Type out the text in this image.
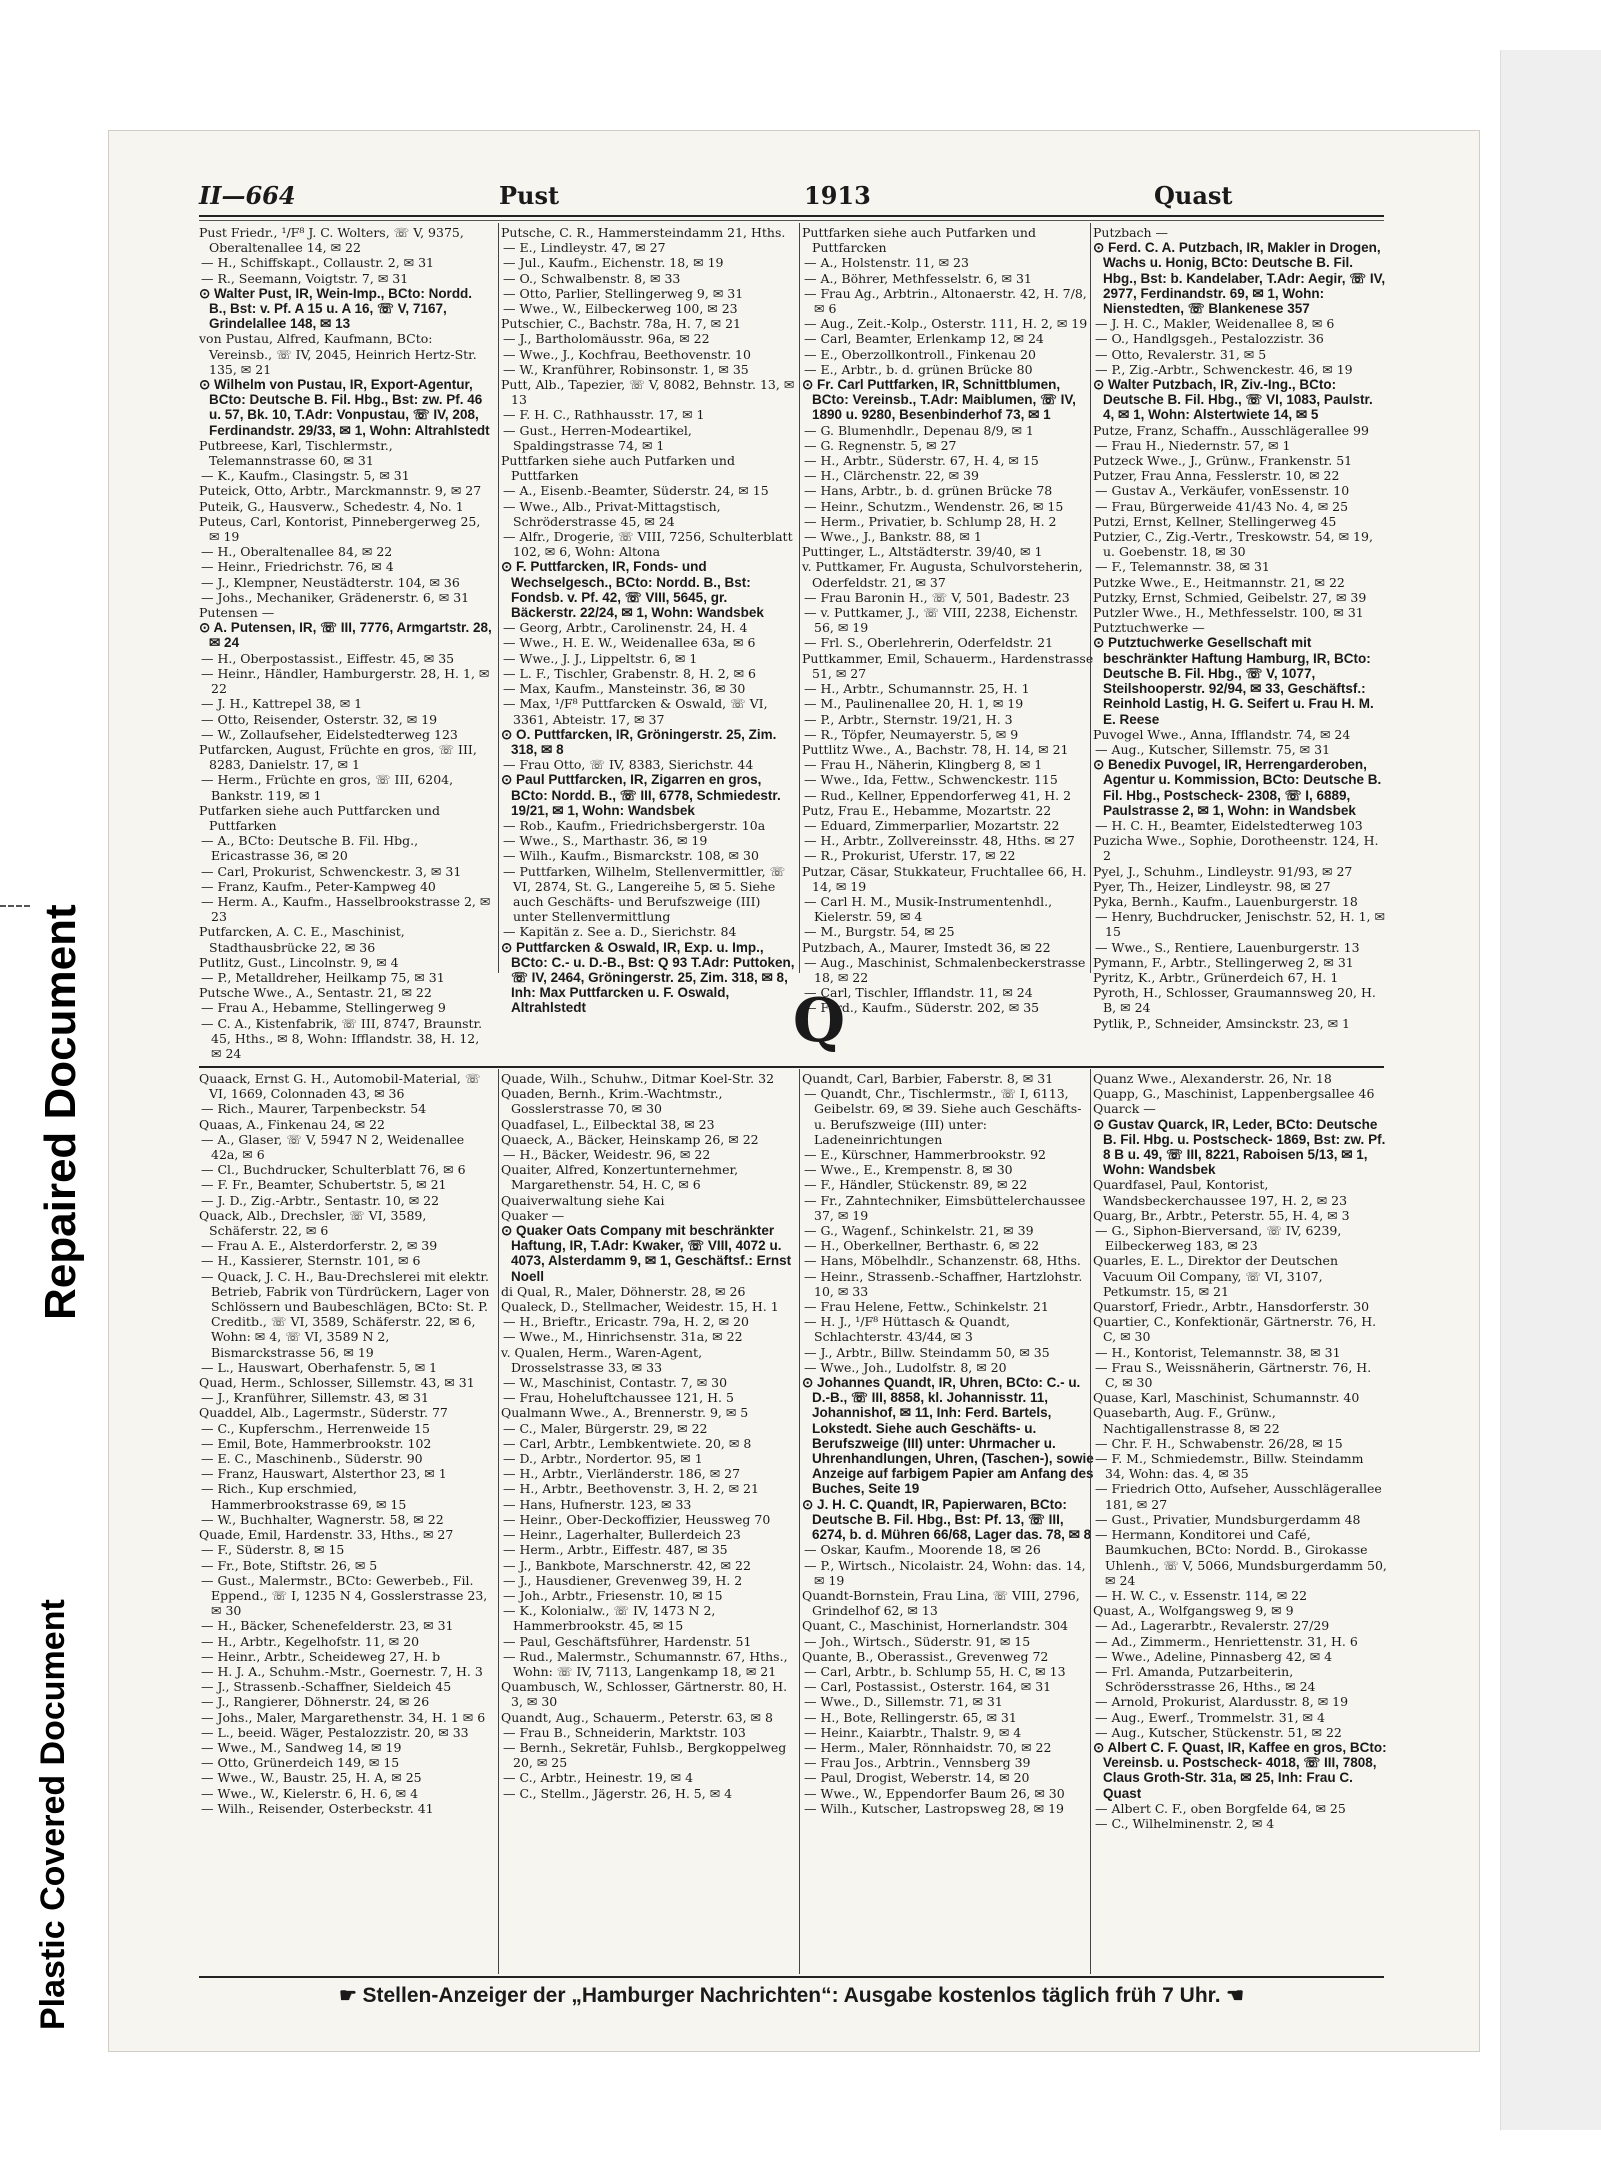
Repaired Document
Plastic Covered Document
II—664	Pust	1913	Quast

Pust Friedr., ¹/F⁸ J. C. Wolters, ☏ V, 9375, Oberaltenallee 14, ✉ 22

— H., Schiffskapt., Collaustr. 2, ✉ 31

— R., Seemann, Voigtstr. 7, ✉ 31

⊙ Walter Pust, IR, Wein-Imp., BCto: Nordd. B., Bst: v. Pf. A 15 u. A 16, ☏ V, 7167, Grindelallee 148, ✉ 13

von Pustau, Alfred, Kaufmann, BCto: Vereinsb., ☏ IV, 2045, Heinrich Hertz-Str. 135, ✉ 21

⊙ Wilhelm von Pustau, IR, Export-Agentur, BCto: Deutsche B. Fil. Hbg., Bst: zw. Pf. 46 u. 57, Bk. 10, T.Adr: Vonpustau, ☏ IV, 208, Ferdinandstr. 29/33, ✉ 1, Wohn: Altrahlstedt

Putbreese, Karl, Tischlermstr., Telemannstrasse 60, ✉ 31

— K., Kaufm., Clasingstr. 5, ✉ 31

Puteick, Otto, Arbtr., Marckmannstr. 9, ✉ 27

Puteik, G., Hausverw., Schedestr. 4, No. 1

Puteus, Carl, Kontorist, Pinnebergerweg 25, ✉ 19

— H., Oberaltenallee 84, ✉ 22

— Heinr., Friedrichstr. 76, ✉ 4

— J., Klempner, Neustädterstr. 104, ✉ 36

— Johs., Mechaniker, Grädenerstr. 6, ✉ 31

Putensen —

⊙ A. Putensen, IR, ☏ III, 7776, Armgartstr. 28, ✉ 24

— H., Oberpostassist., Eiffestr. 45, ✉ 35

— Heinr., Händler, Hamburgerstr. 28, H. 1, ✉ 22

— J. H., Kattrepel 38, ✉ 1

— Otto, Reisender, Osterstr. 32, ✉ 19

— W., Zollaufseher, Eidelstedterweg 123

Putfarcken, August, Früchte en gros, ☏ III, 8283, Danielstr. 17, ✉ 1

— Herm., Früchte en gros, ☏ III, 6204, Bankstr. 119, ✉ 1

Putfarken siehe auch Puttfarcken und Puttfarken

— A., BCto: Deutsche B. Fil. Hbg., Ericastrasse 36, ✉ 20

— Carl, Prokurist, Schwenckestr. 3, ✉ 31

— Franz, Kaufm., Peter-Kampweg 40

— Herm. A., Kaufm., Hasselbrookstrasse 2, ✉ 23

Putfarcken, A. C. E., Maschinist, Stadthausbrücke 22, ✉ 36

Putlitz, Gust., Lincolnstr. 9, ✉ 4

— P., Metalldreher, Heilkamp 75, ✉ 31

Putsche Wwe., A., Sentastr. 21, ✉ 22

— Frau A., Hebamme, Stellingerweg 9

— C. A., Kistenfabrik, ☏ III, 8747, Braunstr. 45, Hths., ✉ 8, Wohn: Ifflandstr. 38, H. 12, ✉ 24

Putsche, C. R., Hammersteindamm 21, Hths.

— E., Lindleystr. 47, ✉ 27

— Jul., Kaufm., Eichenstr. 18, ✉ 19

— O., Schwalbenstr. 8, ✉ 33

— Otto, Parlier, Stellingerweg 9, ✉ 31

— Wwe., W., Eilbeckerweg 100, ✉ 23

Putschier, C., Bachstr. 78a, H. 7, ✉ 21

— J., Bartholomäusstr. 96a, ✉ 22

— Wwe., J., Kochfrau, Beethovenstr. 10

— W., Kranführer, Robinsonstr. 1, ✉ 35

Putt, Alb., Tapezier, ☏ V, 8082, Behnstr. 13, ✉ 13

— F. H. C., Rathhausstr. 17, ✉ 1

— Gust., Herren-Modeartikel, Spaldingstrasse 74, ✉ 1

Puttfarken siehe auch Putfarken und Puttfarken

— A., Eisenb.-Beamter, Süderstr. 24, ✉ 15

— Wwe., Alb., Privat-Mittagstisch, Schröderstrasse 45, ✉ 24

— Alfr., Drogerie, ☏ VIII, 7256, Schulterblatt 102, ✉ 6, Wohn: Altona

⊙ F. Puttfarcken, IR, Fonds- und Wechselgesch., BCto: Nordd. B., Bst: Fondsb. v. Pf. 42, ☏ VIII, 5645, gr. Bäckerstr. 22/24, ✉ 1, Wohn: Wandsbek

— Georg, Arbtr., Carolinenstr. 24, H. 4

— Wwe., H. E. W., Weidenallee 63a, ✉ 6

— Wwe., J. J., Lippeltstr. 6, ✉ 1

— L. F., Tischler, Grabenstr. 8, H. 2, ✉ 6

— Max, Kaufm., Mansteinstr. 36, ✉ 30

— Max, ¹/F⁸ Puttfarcken & Oswald, ☏ VI, 3361, Abteistr. 17, ✉ 37

⊙ O. Puttfarcken, IR, Gröningerstr. 25, Zim. 318, ✉ 8

— Frau Otto, ☏ IV, 8383, Sierichstr. 44

⊙ Paul Puttfarcken, IR, Zigarren en gros, BCto: Nordd. B., ☏ III, 6778, Schmiedestr. 19/21, ✉ 1, Wohn: Wandsbek

— Rob., Kaufm., Friedrichsbergerstr. 10a

— Wwe., S., Marthastr. 36, ✉ 19

— Wilh., Kaufm., Bismarckstr. 108, ✉ 30

— Puttfarken, Wilhelm, Stellenvermittler, ☏ VI, 2874, St. G., Langereihe 5, ✉ 5. Siehe auch Geschäfts- und Berufszweige (III) unter Stellenvermittlung

— Kapitän z. See a. D., Sierichstr. 84

⊙ Puttfarcken & Oswald, IR, Exp. u. Imp., BCto: C.- u. D.-B., Bst: Q 93 T.Adr: Puttoken, ☏ IV, 2464, Gröningerstr. 25, Zim. 318, ✉ 8, Inh: Max Puttfarcken u. F. Oswald, Altrahlstedt

Puttfarken siehe auch Putfarken und Puttfarcken

— A., Holstenstr. 11, ✉ 23

— A., Böhrer, Methfesselstr. 6, ✉ 31

— Frau Ag., Arbtrin., Altonaerstr. 42, H. 7/8, ✉ 6

— Aug., Zeit.-Kolp., Osterstr. 111, H. 2, ✉ 19

— Carl, Beamter, Erlenkamp 12, ✉ 24

— E., Oberzollkontroll., Finkenau 20

— E., Arbtr., b. d. grünen Brücke 80

⊙ Fr. Carl Puttfarken, IR, Schnittblumen, BCto: Vereinsb., T.Adr: Maiblumen, ☏ IV, 1890 u. 9280, Besenbinderhof 73, ✉ 1

— G. Blumenhdlr., Depenau 8/9, ✉ 1

— G. Regnenstr. 5, ✉ 27

— H., Arbtr., Süderstr. 67, H. 4, ✉ 15

— H., Clärchenstr. 22, ✉ 39

— Hans, Arbtr., b. d. grünen Brücke 78

— Heinr., Schutzm., Wendenstr. 26, ✉ 15

— Herm., Privatier, b. Schlump 28, H. 2

— Wwe., J., Bankstr. 88, ✉ 1

Puttinger, L., Altstädterstr. 39/40, ✉ 1

v. Puttkamer, Fr. Augusta, Schulvorsteherin, Oderfeldstr. 21, ✉ 37

— Frau Baronin H., ☏ V, 501, Badestr. 23

— v. Puttkamer, J., ☏ VIII, 2238, Eichenstr. 56, ✉ 19

— Frl. S., Oberlehrerin, Oderfeldstr. 21

Puttkammer, Emil, Schauerm., Hardenstrasse 51, ✉ 27

— H., Arbtr., Schumannstr. 25, H. 1

— M., Paulinenallee 20, H. 1, ✉ 19

— P., Arbtr., Sternstr. 19/21, H. 3

— R., Töpfer, Neumayerstr. 5, ✉ 9

Puttlitz Wwe., A., Bachstr. 78, H. 14, ✉ 21

— Frau H., Näherin, Klingberg 8, ✉ 1

— Wwe., Ida, Fettw., Schwenckestr. 115

— Rud., Kellner, Eppendorferweg 41, H. 2

Putz, Frau E., Hebamme, Mozartstr. 22

— Eduard, Zimmerparlier, Mozartstr. 22

— H., Arbtr., Zollvereinsstr. 48, Hths. ✉ 27

— R., Prokurist, Uferstr. 17, ✉ 22

Putzar, Cäsar, Stukkateur, Fruchtallee 66, H. 14, ✉ 19

— Carl H. M., Musik-Instrumentenhdl., Kielerstr. 59, ✉ 4

— M., Burgstr. 54, ✉ 25

Putzbach, A., Maurer, Imstedt 36, ✉ 22

— Aug., Maschinist, Schmalenbeckerstrasse 18, ✉ 22

— Carl, Tischler, Ifflandstr. 11, ✉ 24

— Ferd., Kaufm., Süderstr. 202, ✉ 35

Putzbach —

⊙ Ferd. C. A. Putzbach, IR, Makler in Drogen, Wachs u. Honig, BCto: Deutsche B. Fil. Hbg., Bst: b. Kandelaber, T.Adr: Aegir, ☏ IV, 2977, Ferdinandstr. 69, ✉ 1, Wohn: Nienstedten, ☏ Blankenese 357

— J. H. C., Makler, Weidenallee 8, ✉ 6

— O., Handlgsgeh., Pestalozzistr. 36

— Otto, Revalerstr. 31, ✉ 5

— P., Zig.-Arbtr., Schwenckestr. 46, ✉ 19

⊙ Walter Putzbach, IR, Ziv.-Ing., BCto: Deutsche B. Fil. Hbg., ☏ VI, 1083, Paulstr. 4, ✉ 1, Wohn: Alstertwiete 14, ✉ 5

Putze, Franz, Schaffn., Ausschlägerallee 99

— Frau H., Niedernstr. 57, ✉ 1

Putzeck Wwe., J., Grünw., Frankenstr. 51

Putzer, Frau Anna, Fesslerstr. 10, ✉ 22

— Gustav A., Verkäufer, vonEssenstr. 10

— Frau, Bürgerweide 41/43 No. 4, ✉ 25

Putzi, Ernst, Kellner, Stellingerweg 45

Putzier, C., Zig.-Vertr., Treskowstr. 54, ✉ 19, u. Goebenstr. 18, ✉ 30

— F., Telemannstr. 38, ✉ 31

Putzke Wwe., E., Heitmannstr. 21, ✉ 22

Putzky, Ernst, Schmied, Geibelstr. 27, ✉ 39

Putzler Wwe., H., Methfesselstr. 100, ✉ 31

Putztuchwerke —

⊙ Putztuchwerke Gesellschaft mit beschränkter Haftung Hamburg, IR, BCto: Deutsche B. Fil. Hbg., ☏ V, 1077, Steilshooperstr. 92/94, ✉ 33, Geschäftsf.: Reinhold Lastig, H. G. Seifert u. Frau H. M. E. Reese

Puvogel Wwe., Anna, Ifflandstr. 74, ✉ 24

— Aug., Kutscher, Sillemstr. 75, ✉ 31

⊙ Benedix Puvogel, IR, Herrengarderoben, Agentur u. Kommission, BCto: Deutsche B. Fil. Hbg., Postscheck- 2308, ☏ I, 6889, Paulstrasse 2, ✉ 1, Wohn: in Wandsbek

— H. C. H., Beamter, Eidelstedterweg 103

Puzicha Wwe., Sophie, Dorotheenstr. 124, H. 2

Pyel, J., Schuhm., Lindleystr. 91/93, ✉ 27

Pyer, Th., Heizer, Lindleystr. 98, ✉ 27

Pyka, Bernh., Kaufm., Lauenburgerstr. 18

— Henry, Buchdrucker, Jenischstr. 52, H. 1, ✉ 15

— Wwe., S., Rentiere, Lauenburgerstr. 13

Pymann, F., Arbtr., Stellingerweg 2, ✉ 31

Pyritz, K., Arbtr., Grünerdeich 67, H. 1

Pyroth, H., Schlosser, Graumannsweg 20, H. B, ✉ 24

Pytlik, P., Schneider, Amsinckstr. 23, ✉ 1

Q

Quaack, Ernst G. H., Automobil-Material, ☏ VI, 1669, Colonnaden 43, ✉ 36

— Rich., Maurer, Tarpenbeckstr. 54

Quaas, A., Finkenau 24, ✉ 22

— A., Glaser, ☏ V, 5947 N 2, Weidenallee 42a, ✉ 6

— Cl., Buchdrucker, Schulterblatt 76, ✉ 6

— F. Fr., Beamter, Schubertstr. 5, ✉ 21

— J. D., Zig.-Arbtr., Sentastr. 10, ✉ 22

Quack, Alb., Drechsler, ☏ VI, 3589, Schäferstr. 22, ✉ 6

— Frau A. E., Alsterdorferstr. 2, ✉ 39

— H., Kassierer, Sternstr. 101, ✉ 6

— Quack, J. C. H., Bau-Drechslerei mit elektr. Betrieb, Fabrik von Türdrückern, Lager von Schlössern und Baubeschlägen, BCto: St. P. Creditb., ☏ VI, 3589, Schäferstr. 22, ✉ 6, Wohn: ✉ 4, ☏ VI, 3589 N 2, Bismarckstrasse 56, ✉ 19

— L., Hauswart, Oberhafenstr. 5, ✉ 1

Quad, Herm., Schlosser, Sillemstr. 43, ✉ 31

— J., Kranführer, Sillemstr. 43, ✉ 31

Quaddel, Alb., Lagermstr., Süderstr. 77

— C., Kupferschm., Herrenweide 15

— Emil, Bote, Hammerbrookstr. 102

— E. C., Maschinenb., Süderstr. 90

— Franz, Hauswart, Alsterthor 23, ✉ 1

— Rich., Kup erschmied, Hammerbrookstrasse 69, ✉ 15

— W., Buchhalter, Wagnerstr. 58, ✉ 22

Quade, Emil, Hardenstr. 33, Hths., ✉ 27

— F., Süderstr. 8, ✉ 15

— Fr., Bote, Stiftstr. 26, ✉ 5

— Gust., Malermstr., BCto: Gewerbeb., Fil. Eppend., ☏ I, 1235 N 4, Gosslerstrasse 23, ✉ 30

— H., Bäcker, Schenefelderstr. 23, ✉ 31

— H., Arbtr., Kegelhofstr. 11, ✉ 20

— Heinr., Arbtr., Scheideweg 27, H. b

— H. J. A., Schuhm.-Mstr., Goernestr. 7, H. 3

— J., Strassenb.-Schaffner, Sieldeich 45

— J., Rangierer, Döhnerstr. 24, ✉ 26

— Johs., Maler, Margarethenstr. 34, H. 1 ✉ 6

— L., beeid. Wäger, Pestalozzistr. 20, ✉ 33

— Wwe., M., Sandweg 14, ✉ 19

— Otto, Grünerdeich 149, ✉ 15

— Wwe., W., Baustr. 25, H. A, ✉ 25

— Wwe., W., Kielerstr. 6, H. 6, ✉ 4

— Wilh., Reisender, Osterbeckstr. 41

Quade, Wilh., Schuhw., Ditmar Koel-Str. 32

Quaden, Bernh., Krim.-Wachtmstr., Gosslerstrasse 70, ✉ 30

Quadfasel, L., Eilbecktal 38, ✉ 23

Quaeck, A., Bäcker, Heinskamp 26, ✉ 22

— H., Bäcker, Weidestr. 96, ✉ 22

Quaiter, Alfred, Konzertunternehmer, Margarethenstr. 54, H. C, ✉ 6

Quaiverwaltung siehe Kai

Quaker —

⊙ Quaker Oats Company mit beschränkter Haftung, IR, T.Adr: Kwaker, ☏ VIII, 4072 u. 4073, Alsterdamm 9, ✉ 1, Geschäftsf.: Ernst Noell

di Qual, R., Maler, Döhnerstr. 28, ✉ 26

Qualeck, D., Stellmacher, Weidestr. 15, H. 1

— H., Brieftr., Ericastr. 79a, H. 2, ✉ 20

— Wwe., M., Hinrichsenstr. 31a, ✉ 22

v. Qualen, Herm., Waren-Agent, Drosselstrasse 33, ✉ 33

— W., Maschinist, Contastr. 7, ✉ 30

— Frau, Hoheluftchaussee 121, H. 5

Qualmann Wwe., A., Brennerstr. 9, ✉ 5

— C., Maler, Bürgerstr. 29, ✉ 22

— Carl, Arbtr., Lembkentwiete. 20, ✉ 8

— D., Arbtr., Nordertor. 95, ✉ 1

— H., Arbtr., Vierländerstr. 186, ✉ 27

— H., Arbtr., Beethovenstr. 3, H. 2, ✉ 21

— Hans, Hufnerstr. 123, ✉ 33

— Heinr., Ober-Deckoffizier, Heussweg 70

— Heinr., Lagerhalter, Bullerdeich 23

— Herm., Arbtr., Eiffestr. 487, ✉ 35

— J., Bankbote, Marschnerstr. 42, ✉ 22

— J., Hausdiener, Grevenweg 39, H. 2

— Joh., Arbtr., Friesenstr. 10, ✉ 15

— K., Kolonialw., ☏ IV, 1473 N 2, Hammerbrookstr. 45, ✉ 15

— Paul, Geschäftsführer, Hardenstr. 51

— Rud., Malermstr., Schumannstr. 67, Hths., Wohn: ☏ IV, 7113, Langenkamp 18, ✉ 21

Quambusch, W., Schlosser, Gärtnerstr. 80, H. 3, ✉ 30

Quandt, Aug., Schauerm., Peterstr. 63, ✉ 8

— Frau B., Schneiderin, Marktstr. 103

— Bernh., Sekretär, Fuhlsb., Bergkoppelweg 20, ✉ 25

— C., Arbtr., Heinestr. 19, ✉ 4

— C., Stellm., Jägerstr. 26, H. 5, ✉ 4

Quandt, Carl, Barbier, Faberstr. 8, ✉ 31

— Quandt, Chr., Tischlermstr., ☏ I, 6113, Geibelstr. 69, ✉ 39. Siehe auch Geschäfts- u. Berufszweige (III) unter: Ladeneinrichtungen

— E., Kürschner, Hammerbrookstr. 92

— Wwe., E., Krempenstr. 8, ✉ 30

— F., Händler, Stückenstr. 89, ✉ 22

— Fr., Zahntechniker, Eimsbüttelerchaussee 37, ✉ 19

— G., Wagenf., Schinkelstr. 21, ✉ 39

— H., Oberkellner, Berthastr. 6, ✉ 22

— Hans, Möbelhdlr., Schanzenstr. 68, Hths.

— Heinr., Strassenb.-Schaffner, Hartzlohstr. 10, ✉ 33

— Frau Helene, Fettw., Schinkelstr. 21

— H. J., ¹/F⁸ Hüttasch & Quandt, Schlachterstr. 43/44, ✉ 3

— J., Arbtr., Billw. Steindamm 50, ✉ 35

— Wwe., Joh., Ludolfstr. 8, ✉ 20

⊙ Johannes Quandt, IR, Uhren, BCto: C.- u. D.-B., ☏ III, 8858, kl. Johannisstr. 11, Johannishof, ✉ 11, Inh: Ferd. Bartels, Lokstedt. Siehe auch Geschäfts- u. Berufszweige (III) unter: Uhrmacher u. Uhrenhandlungen, Uhren, (Taschen-), sowie Anzeige auf farbigem Papier am Anfang des Buches, Seite 19

⊙ J. H. C. Quandt, IR, Papierwaren, BCto: Deutsche B. Fil. Hbg., Bst: Pf. 13, ☏ III, 6274, b. d. Mühren 66/68, Lager das. 78, ✉ 8

— Oskar, Kaufm., Moorende 18, ✉ 26

— P., Wirtsch., Nicolaistr. 24, Wohn: das. 14, ✉ 19

Quandt-Bornstein, Frau Lina, ☏ VIII, 2796, Grindelhof 62, ✉ 13

Quant, C., Maschinist, Hornerlandstr. 304

— Joh., Wirtsch., Süderstr. 91, ✉ 15

Quante, B., Oberassist., Grevenweg 72

— Carl, Arbtr., b. Schlump 55, H. C, ✉ 13

— Carl, Postassist., Osterstr. 164, ✉ 31

— Wwe., D., Sillemstr. 71, ✉ 31

— H., Bote, Rellingerstr. 65, ✉ 31

— Heinr., Kaiarbtr., Thalstr. 9, ✉ 4

— Herm., Maler, Rönnhaidstr. 70, ✉ 22

— Frau Jos., Arbtrin., Vennsberg 39

— Paul, Drogist, Weberstr. 14, ✉ 20

— Wwe., W., Eppendorfer Baum 26, ✉ 30

— Wilh., Kutscher, Lastropsweg 28, ✉ 19

Quanz Wwe., Alexanderstr. 26, Nr. 18

Quapp, G., Maschinist, Lappenbergsallee 46

Quarck —

⊙ Gustav Quarck, IR, Leder, BCto: Deutsche B. Fil. Hbg. u. Postscheck- 1869, Bst: zw. Pf. 8 B u. 49, ☏ III, 8221, Raboisen 5/13, ✉ 1, Wohn: Wandsbek

Quardfasel, Paul, Kontorist, Wandsbeckerchaussee 197, H. 2, ✉ 23

Quarg, Br., Arbtr., Peterstr. 55, H. 4, ✉ 3

— G., Siphon-Bierversand, ☏ IV, 6239, Eilbeckerweg 183, ✉ 23

Quarles, E. L., Direktor der Deutschen Vacuum Oil Company, ☏ VI, 3107, Petkumstr. 15, ✉ 21

Quarstorf, Friedr., Arbtr., Hansdorferstr. 30

Quartier, C., Konfektionär, Gärtnerstr. 76, H. C, ✉ 30

— H., Kontorist, Telemannstr. 38, ✉ 31

— Frau S., Weissnäherin, Gärtnerstr. 76, H. C, ✉ 30

Quase, Karl, Maschinist, Schumannstr. 40

Quasebarth, Aug. F., Grünw., Nachtigallenstrasse 8, ✉ 22

— Chr. F. H., Schwabenstr. 26/28, ✉ 15

— F. M., Schmiedemstr., Billw. Steindamm 34, Wohn: das. 4, ✉ 35

— Friedrich Otto, Aufseher, Ausschlägerallee 181, ✉ 27

— Gust., Privatier, Mundsburgerdamm 48

— Hermann, Konditorei und Café, Baumkuchen, BCto: Nordd. B., Girokasse Uhlenh., ☏ V, 5066, Mundsburgerdamm 50, ✉ 24

— H. W. C., v. Essenstr. 114, ✉ 22

Quast, A., Wolfgangsweg 9, ✉ 9

— Ad., Lagerarbtr., Revalerstr. 27/29

— Ad., Zimmerm., Henriettenstr. 31, H. 6

— Wwe., Adeline, Pinnasberg 42, ✉ 4

— Frl. Amanda, Putzarbeiterin, Schrödersstrasse 26, Hths., ✉ 24

— Arnold, Prokurist, Alardusstr. 8, ✉ 19

— Aug., Ewerf., Trommelstr. 31, ✉ 4

— Aug., Kutscher, Stückenstr. 51, ✉ 22

⊙ Albert C. F. Quast, IR, Kaffee en gros, BCto: Vereinsb. u. Postscheck- 4018, ☏ III, 7808, Claus Groth-Str. 31a, ✉ 25, Inh: Frau C. Quast

— Albert C. F., oben Borgfelde 64, ✉ 25

— C., Wilhelminenstr. 2, ✉ 4

☛ Stellen-Anzeiger der „Hamburger Nachrichten“: Ausgabe kostenlos täglich früh 7 Uhr. ☚
